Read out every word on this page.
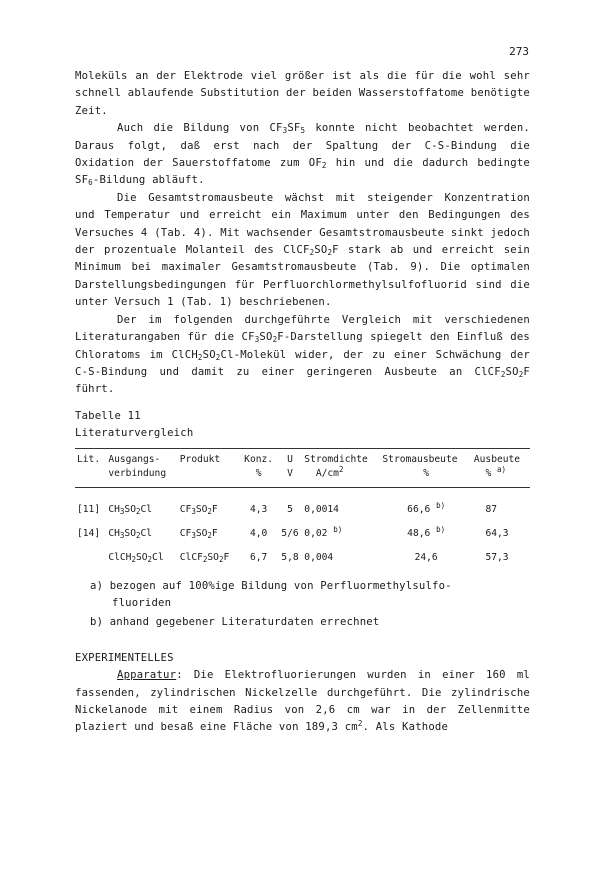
273

Moleküls an der Elektrode viel größer ist als die für die wohl sehr schnell ablaufende Substitution der beiden Wasserstoffatome benötigte Zeit.

Auch die Bildung von $CF_3SF_5$ konnte nicht beobachtet werden. Daraus folgt, daß erst nach der Spaltung der C-S-Bindung die Oxidation der Sauerstoffatome zum $OF_2$ hin und die dadurch bedingte $SF_6$-Bildung abläuft.

Die Gesamtstromausbeute wächst mit steigender Konzentration und Temperatur und erreicht ein Maximum unter den Bedingungen des Versuches 4 (Tab. 4). Mit wachsender Gesamtstromausbeute sinkt jedoch der prozentuale Molanteil des $ClCF_2SO_2F$ stark ab und erreicht sein Minimum bei maximaler Gesamtstromausbeute (Tab. 9). Die optimalen Darstellungsbedingungen für Perfluorchlormethylsulfofluorid sind die unter Versuch 1 (Tab. 1) beschriebenen.

Der im folgenden durchgeführte Vergleich mit verschiedenen Literaturangaben für die $CF_3SO_2F$-Darstellung spiegelt den Einfluß des Chloratoms im $ClCH_2SO_2Cl$-Molekül wider, der zu einer Schwächung der C-S-Bindung und damit zu einer geringeren Ausbeute an $ClCF_2SO_2F$ führt.

Tabelle 11
Literaturvergleich
Lit.	Ausgangs-	Produkt	Konz.	U	Stromdichte	Stromausbeute	Ausbeute
	verbindung		%	V	$A/cm^2$	%	% $^{a)}$
[11]	$CH_3SO_2Cl$	$CF_3SO_2F$	4,3	5	0,0014	66,6 $^{b)}$	87
[14]	$CH_3SO_2Cl$	$CF_3SO_2F$	4,0	5/6	0,02 $^{b)}$	48,6 $^{b)}$	64,3
	$ClCH_2SO_2Cl$	$ClCF_2SO_2F$	6,7	5,8	0,004	24,6	57,3
a) bezogen auf 100%ige Bildung von Perfluormethylsulfo-
fluoriden
b) anhand gegebener Literaturdaten errechnet
EXPERIMENTELLES

Apparatur: Die Elektrofluorierungen wurden in einer 160 ml fassenden, zylindrischen Nickelzelle durchgeführt. Die zylindrische Nickelanode mit einem Radius von 2,6 cm war in der Zellenmitte plaziert und besaß eine Fläche von 189,3 $cm^2$. Als Kathode
